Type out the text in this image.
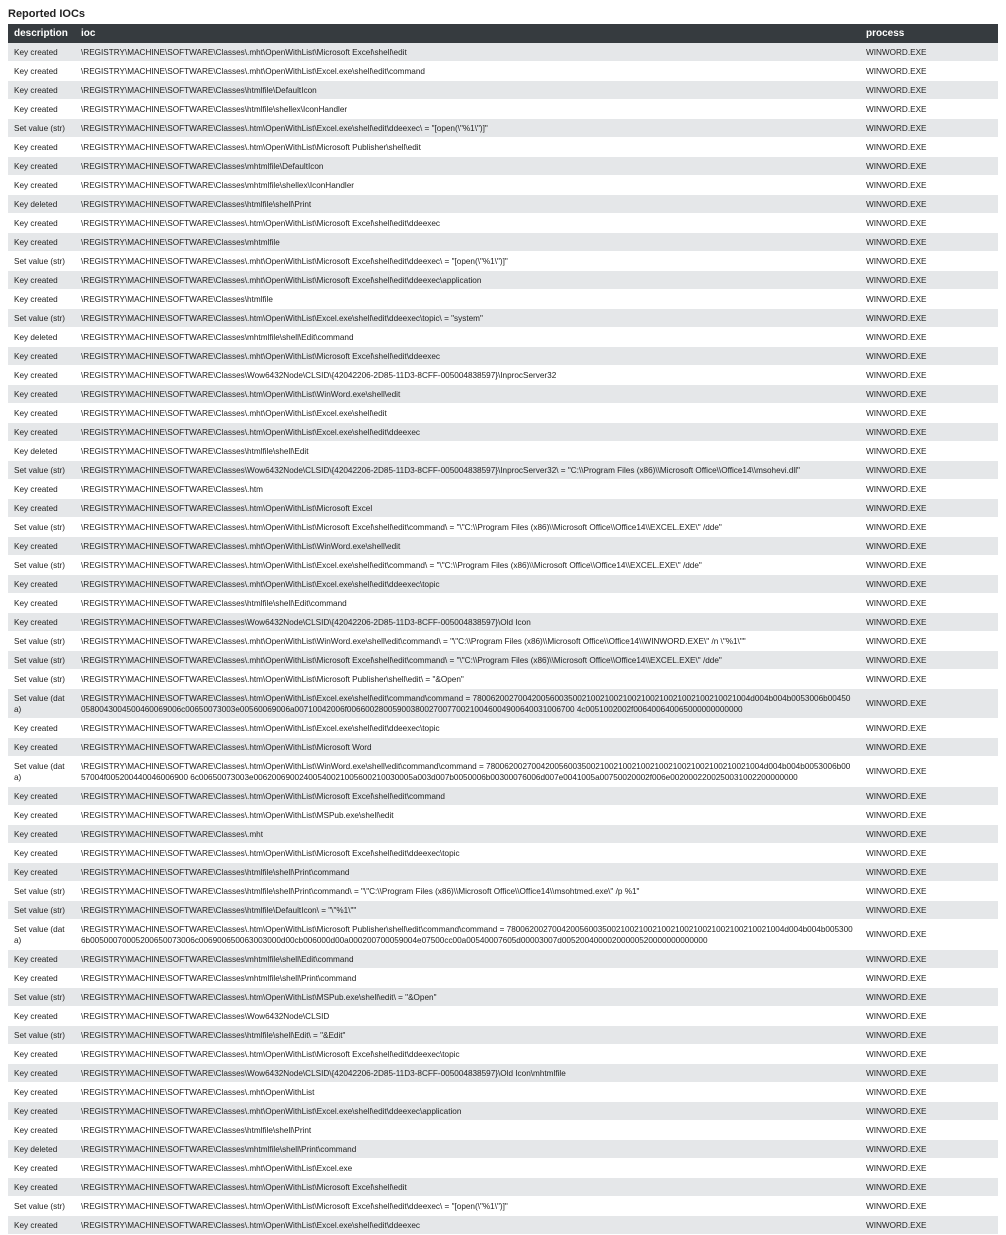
Reported IOCs
description	ioc	process
Key created	\REGISTRY\MACHINE\SOFTWARE\Classes\.mht\OpenWithList\Microsoft Excel\shell\edit	WINWORD.EXE
Key created	\REGISTRY\MACHINE\SOFTWARE\Classes\.mht\OpenWithList\Excel.exe\shell\edit\command	WINWORD.EXE
Key created	\REGISTRY\MACHINE\SOFTWARE\Classes\htmlfile\DefaultIcon	WINWORD.EXE
Key created	\REGISTRY\MACHINE\SOFTWARE\Classes\htmlfile\shellex\IconHandler	WINWORD.EXE
Set value (str)	\REGISTRY\MACHINE\SOFTWARE\Classes\.htm\OpenWithList\Excel.exe\shell\edit\ddeexec\ = "[open(\"%1\")]"	WINWORD.EXE
Key created	\REGISTRY\MACHINE\SOFTWARE\Classes\.htm\OpenWithList\Microsoft Publisher\shell\edit	WINWORD.EXE
Key created	\REGISTRY\MACHINE\SOFTWARE\Classes\mhtmlfile\DefaultIcon	WINWORD.EXE
Key created	\REGISTRY\MACHINE\SOFTWARE\Classes\mhtmlfile\shellex\IconHandler	WINWORD.EXE
Key deleted	\REGISTRY\MACHINE\SOFTWARE\Classes\htmlfile\shell\Print	WINWORD.EXE
Key created	\REGISTRY\MACHINE\SOFTWARE\Classes\.htm\OpenWithList\Microsoft Excel\shell\edit\ddeexec	WINWORD.EXE
Key created	\REGISTRY\MACHINE\SOFTWARE\Classes\mhtmlfile	WINWORD.EXE
Set value (str)	\REGISTRY\MACHINE\SOFTWARE\Classes\.mht\OpenWithList\Microsoft Excel\shell\edit\ddeexec\ = "[open(\"%1\")]"	WINWORD.EXE
Key created	\REGISTRY\MACHINE\SOFTWARE\Classes\.mht\OpenWithList\Microsoft Excel\shell\edit\ddeexec\application	WINWORD.EXE
Key created	\REGISTRY\MACHINE\SOFTWARE\Classes\htmlfile	WINWORD.EXE
Set value (str)	\REGISTRY\MACHINE\SOFTWARE\Classes\.htm\OpenWithList\Excel.exe\shell\edit\ddeexec\topic\ = "system"	WINWORD.EXE
Key deleted	\REGISTRY\MACHINE\SOFTWARE\Classes\mhtmlfile\shell\Edit\command	WINWORD.EXE
Key created	\REGISTRY\MACHINE\SOFTWARE\Classes\.mht\OpenWithList\Microsoft Excel\shell\edit\ddeexec	WINWORD.EXE
Key created	\REGISTRY\MACHINE\SOFTWARE\Classes\Wow6432Node\CLSID\{42042206-2D85-11D3-8CFF-005004838597}\InprocServer32	WINWORD.EXE
Key created	\REGISTRY\MACHINE\SOFTWARE\Classes\.htm\OpenWithList\WinWord.exe\shell\edit	WINWORD.EXE
Key created	\REGISTRY\MACHINE\SOFTWARE\Classes\.mht\OpenWithList\Excel.exe\shell\edit	WINWORD.EXE
Key created	\REGISTRY\MACHINE\SOFTWARE\Classes\.htm\OpenWithList\Excel.exe\shell\edit\ddeexec	WINWORD.EXE
Key deleted	\REGISTRY\MACHINE\SOFTWARE\Classes\htmlfile\shell\Edit	WINWORD.EXE
Set value (str)	\REGISTRY\MACHINE\SOFTWARE\Classes\Wow6432Node\CLSID\{42042206-2D85-11D3-8CFF-005004838597}\InprocServer32\ = "C:\\Program Files (x86)\\Microsoft Office\\Office14\\msohevi.dll"	WINWORD.EXE
Key created	\REGISTRY\MACHINE\SOFTWARE\Classes\.htm	WINWORD.EXE
Key created	\REGISTRY\MACHINE\SOFTWARE\Classes\.htm\OpenWithList\Microsoft Excel	WINWORD.EXE
Set value (str)	\REGISTRY\MACHINE\SOFTWARE\Classes\.htm\OpenWithList\Microsoft Excel\shell\edit\command\ = "\"C:\\Program Files (x86)\\Microsoft Office\\Office14\\EXCEL.EXE\" /dde"	WINWORD.EXE
Key created	\REGISTRY\MACHINE\SOFTWARE\Classes\.mht\OpenWithList\WinWord.exe\shell\edit	WINWORD.EXE
Set value (str)	\REGISTRY\MACHINE\SOFTWARE\Classes\.htm\OpenWithList\Excel.exe\shell\edit\command\ = "\"C:\\Program Files (x86)\\Microsoft Office\\Office14\\EXCEL.EXE\" /dde"	WINWORD.EXE
Key created	\REGISTRY\MACHINE\SOFTWARE\Classes\.mht\OpenWithList\Excel.exe\shell\edit\ddeexec\topic	WINWORD.EXE
Key created	\REGISTRY\MACHINE\SOFTWARE\Classes\htmlfile\shell\Edit\command	WINWORD.EXE
Key created	\REGISTRY\MACHINE\SOFTWARE\Classes\Wow6432Node\CLSID\{42042206-2D85-11D3-8CFF-005004838597}\Old Icon	WINWORD.EXE
Set value (str)	\REGISTRY\MACHINE\SOFTWARE\Classes\.mht\OpenWithList\WinWord.exe\shell\edit\command\ = "\"C:\\Program Files (x86)\\Microsoft Office\\Office14\\WINWORD.EXE\" /n \"%1\""	WINWORD.EXE
Set value (str)	\REGISTRY\MACHINE\SOFTWARE\Classes\.mht\OpenWithList\Microsoft Excel\shell\edit\command\ = "\"C:\\Program Files (x86)\\Microsoft Office\\Office14\\EXCEL.EXE\" /dde"	WINWORD.EXE
Set value (str)	\REGISTRY\MACHINE\SOFTWARE\Classes\.htm\OpenWithList\Microsoft Publisher\shell\edit\ = "&Open"	WINWORD.EXE
Set value (data)	\REGISTRY\MACHINE\SOFTWARE\Classes\.htm\OpenWithList\Excel.exe\shell\edit\command\command = 7800620027004200560035002100210021002100210021002100210021004d004b004b0053006b004500580043004500460069006c00650073003e00560069006a00710042006f00660028005900380027007700210046004900640031006700 4c0051002002f006400640065000000000000	WINWORD.EXE
Key created	\REGISTRY\MACHINE\SOFTWARE\Classes\.htm\OpenWithList\Excel.exe\shell\edit\ddeexec\topic	WINWORD.EXE
Key created	\REGISTRY\MACHINE\SOFTWARE\Classes\.htm\OpenWithList\Microsoft Word	WINWORD.EXE
Set value (data)	\REGISTRY\MACHINE\SOFTWARE\Classes\.htm\OpenWithList\WinWord.exe\shell\edit\command\command = 7800620027004200560035002100210021002100210021002100210021004d004b004b0053006b0057004f005200440046006900 6c00650073003e00620069002400540021005600210030005a003d007b0050006b00300076006d007e0041005a00750020002f006e0020002200250031002200000000	WINWORD.EXE
Key created	\REGISTRY\MACHINE\SOFTWARE\Classes\.htm\OpenWithList\Microsoft Excel\shell\edit\command	WINWORD.EXE
Key created	\REGISTRY\MACHINE\SOFTWARE\Classes\.htm\OpenWithList\MSPub.exe\shell\edit	WINWORD.EXE
Key created	\REGISTRY\MACHINE\SOFTWARE\Classes\.mht	WINWORD.EXE
Key created	\REGISTRY\MACHINE\SOFTWARE\Classes\.htm\OpenWithList\Microsoft Excel\shell\edit\ddeexec\topic	WINWORD.EXE
Key created	\REGISTRY\MACHINE\SOFTWARE\Classes\htmlfile\shell\Print\command	WINWORD.EXE
Set value (str)	\REGISTRY\MACHINE\SOFTWARE\Classes\htmlfile\shell\Print\command\ = "\"C:\\Program Files (x86)\\Microsoft Office\\Office14\\msohtmed.exe\" /p %1"	WINWORD.EXE
Set value (str)	\REGISTRY\MACHINE\SOFTWARE\Classes\htmlfile\DefaultIcon\ = "\"%1\""	WINWORD.EXE
Set value (data)	\REGISTRY\MACHINE\SOFTWARE\Classes\.htm\OpenWithList\Microsoft Publisher\shell\edit\command\command = 7800620027004200560035002100210021002100210021002100210021004d004b004b0053006b00500070005200650073006c006900650063003000d00cb006000d00a000200700059004e07500cc00a00540007605d00003007d00520040000200000520000000000000	WINWORD.EXE
Key created	\REGISTRY\MACHINE\SOFTWARE\Classes\mhtmlfile\shell\Edit\command	WINWORD.EXE
Key created	\REGISTRY\MACHINE\SOFTWARE\Classes\mhtmlfile\shell\Print\command	WINWORD.EXE
Set value (str)	\REGISTRY\MACHINE\SOFTWARE\Classes\.htm\OpenWithList\MSPub.exe\shell\edit\ = "&Open"	WINWORD.EXE
Key created	\REGISTRY\MACHINE\SOFTWARE\Classes\Wow6432Node\CLSID	WINWORD.EXE
Set value (str)	\REGISTRY\MACHINE\SOFTWARE\Classes\htmlfile\shell\Edit\ = "&Edit"	WINWORD.EXE
Key created	\REGISTRY\MACHINE\SOFTWARE\Classes\.htm\OpenWithList\Microsoft Excel\shell\edit\ddeexec\topic	WINWORD.EXE
Key created	\REGISTRY\MACHINE\SOFTWARE\Classes\Wow6432Node\CLSID\{42042206-2D85-11D3-8CFF-005004838597}\Old Icon\mhtmlfile	WINWORD.EXE
Key created	\REGISTRY\MACHINE\SOFTWARE\Classes\.mht\OpenWithList	WINWORD.EXE
Key created	\REGISTRY\MACHINE\SOFTWARE\Classes\.mht\OpenWithList\Excel.exe\shell\edit\ddeexec\application	WINWORD.EXE
Key created	\REGISTRY\MACHINE\SOFTWARE\Classes\htmlfile\shell\Print	WINWORD.EXE
Key deleted	\REGISTRY\MACHINE\SOFTWARE\Classes\mhtmlfile\shell\Print\command	WINWORD.EXE
Key created	\REGISTRY\MACHINE\SOFTWARE\Classes\.mht\OpenWithList\Excel.exe	WINWORD.EXE
Key created	\REGISTRY\MACHINE\SOFTWARE\Classes\.htm\OpenWithList\Microsoft Excel\shell\edit	WINWORD.EXE
Set value (str)	\REGISTRY\MACHINE\SOFTWARE\Classes\.htm\OpenWithList\Microsoft Excel\shell\edit\ddeexec\ = "[open(\"%1\")]"	WINWORD.EXE
Key created	\REGISTRY\MACHINE\SOFTWARE\Classes\.htm\OpenWithList\Excel.exe\shell\edit\ddeexec	WINWORD.EXE
